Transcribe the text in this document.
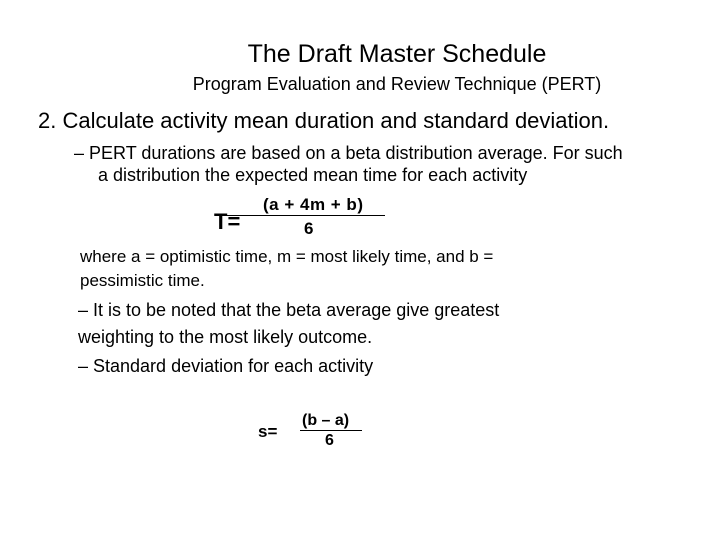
The Draft Master Schedule
Program Evaluation and Review Technique (PERT)
2. Calculate activity mean duration and standard deviation.
– PERT durations are based on a beta distribution average. For such
a distribution the expected mean time for each activity
T=
(a + 4m + b)
6
where a = optimistic time, m = most likely time, and b =
pessimistic time.
– It is to be noted that the beta average give greatest
weighting to the most likely outcome.
– Standard deviation for each activity
s=
(b – a)
6
